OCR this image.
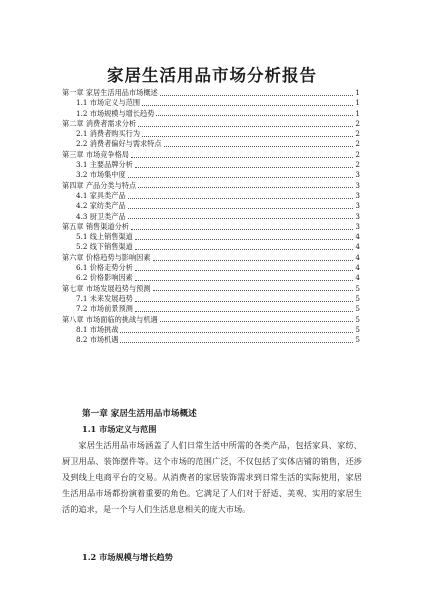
家居生活用品市场分析报告
第一章 家居生活用品市场概述	1
1.1 市场定义与范围	1
1.2 市场规模与增长趋势	1
第二章 消费者需求分析	2
2.1 消费者购买行为	2
2.2 消费者偏好与需求特点	2
第三章 市场竞争格局	2
3.1 主要品牌分析	2
3.2 市场集中度	3
第四章 产品分类与特点	3
4.1 家具类产品	3
4.2 家纺类产品	3
4.3 厨卫类产品	3
第五章 销售渠道分析	3
5.1 线上销售渠道	4
5.2 线下销售渠道	4
第六章 价格趋势与影响因素	4
6.1 价格走势分析	4
6.2 价格影响因素	4
第七章 市场发展趋势与预测	5
7.1 未来发展趋势	5
7.2 市场前景预测	5
第八章 市场面临的挑战与机遇	5
8.1 市场挑战	5
8.2 市场机遇	5
第一章 家居生活用品市场概述
1.1 市场定义与范围
家居生活用品市场涵盖了人们日常生活中所需的各类产品，包括家具、家纺、厨卫用品、装饰摆件等。这个市场的范围广泛，不仅包括了实体店铺的销售，还涉及到线上电商平台的交易。从消费者的家居装饰需求到日常生活的实际使用，家居生活用品市场都扮演着重要的角色。它满足了人们对于舒适、美观、实用的家居生活的追求，是一个与人们生活息息相关的庞大市场。
1.2 市场规模与增长趋势
